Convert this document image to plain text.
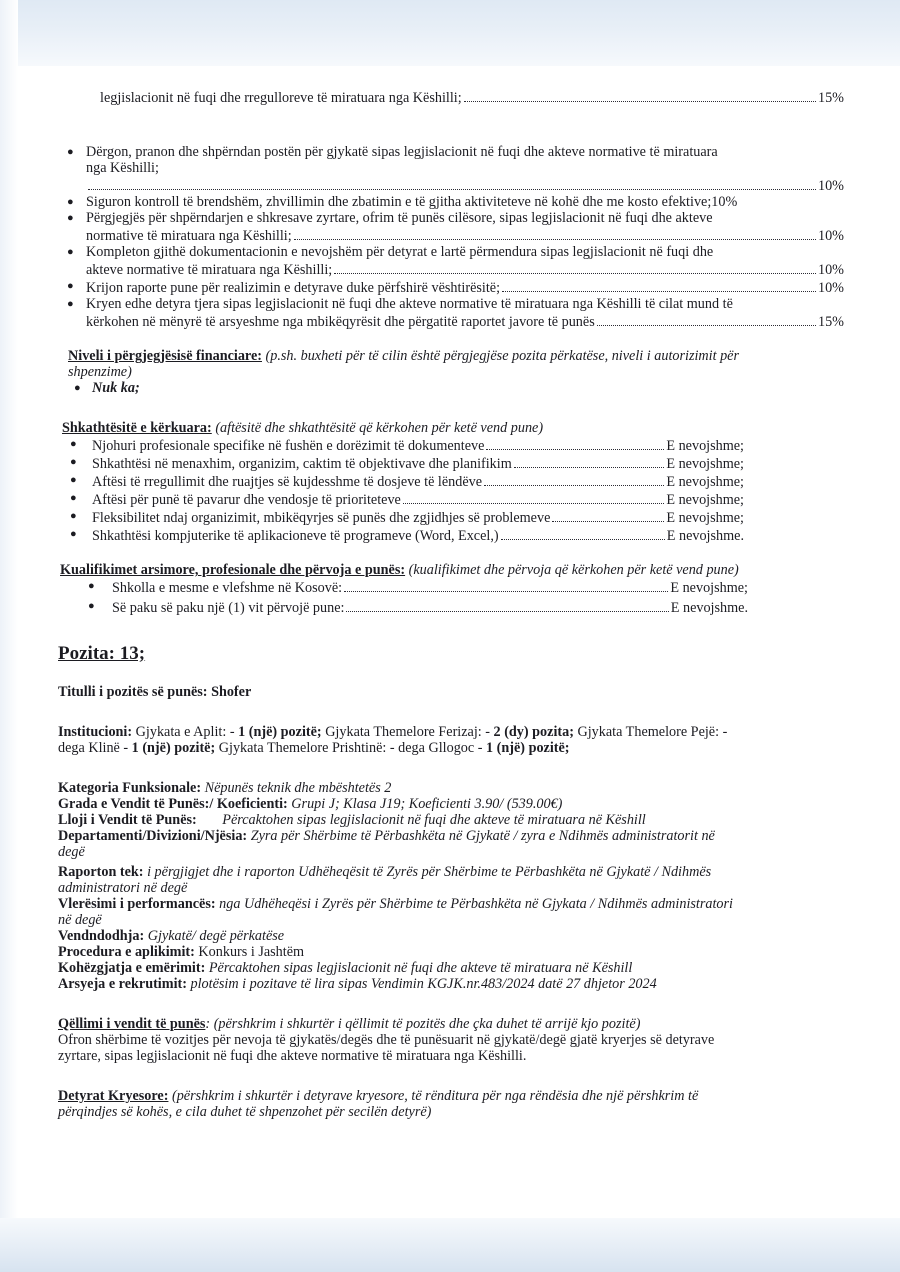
legjislacionit në fuqi dhe rregulloreve të miratuara nga Këshilli;	15%
● Dërgon, pranon dhe shpërndan postën për gjykatë sipas legjislacionit në fuqi dhe akteve normative të miratuara

nga Këshilli;

10%
● Siguron kontroll të brendshëm, zhvillimin dhe zbatimin e të gjitha aktiviteteve në kohë dhe me kosto efektive; 10%
● Përgjegjës për shpërndarjen e shkresave zyrtare, ofrim të punës cilësore, sipas legjislacionit në fuqi dhe akteve

normative të miratuara nga Këshilli;	10%
● Kompleton gjithë dokumentacionin e nevojshëm për detyrat e lartë përmendura sipas legjislacionit në fuqi dhe

akteve normative të miratuara nga Këshilli;	10%
● Krijon raporte pune për realizimin e detyrave duke përfshirë vështirësitë;	10%
● Kryen edhe detyra tjera sipas legjislacionit në fuqi dhe akteve normative të miratuara nga Këshilli të cilat mund të

kërkohen në mënyrë të arsyeshme nga mbikëqyrësit dhe përgatitë raportet javore të punës	15%

Niveli i përgjegjësisë financiare: (p.sh. buxheti për të cilin është përgjegjëse pozita përkatëse, niveli i autorizimit për

shpenzime)

● Nuk ka;

Shkathtësitë e kërkuara: (aftësitë dhe shkathtësitë që kërkohen për ketë vend pune)

● Njohuri profesionale specifike në fushën e dorëzimit të dokumenteve	E nevojshme;
● Shkathtësi në menaxhim, organizim, caktim të objektivave dhe planifikim	E nevojshme;
● Aftësi të rregullimit dhe ruajtjes së kujdesshme të dosjeve të lëndëve	E nevojshme;
● Aftësi për punë të pavarur dhe vendosje të prioriteteve	E nevojshme;
● Fleksibilitet ndaj organizimit, mbikëqyrjes së punës dhe zgjidhjes së problemeve	E nevojshme;
● Shkathtësi kompjuterike të aplikacioneve të programeve (Word, Excel,)	E nevojshme.

Kualifikimet arsimore, profesionale dhe përvoja e punës: (kualifikimet dhe përvoja që kërkohen për ketë vend pune)

● Shkolla e mesme e vlefshme në Kosovë:	E nevojshme;
● Së paku së paku një (1) vit përvojë pune:	E nevojshme.

Pozita: 13;

Titulli i pozitës së punës: Shofer

Institucioni: Gjykata e Aplit: - 1 (një) pozitë; Gjykata Themelore Ferizaj: - 2 (dy) pozita; Gjykata Themelore Pejë: -

dega Klinë - 1 (një) pozitë; Gjykata Themelore Prishtinë: - dega Gllogoc - 1 (një) pozitë;

Kategoria Funksionale: Nëpunës teknik dhe mbështetës 2

Grada e Vendit të Punës:/ Koeficienti: Grupi J; Klasa J19; Koeficienti 3.90/ (539.00€)

Lloji i Vendit të Punës: Përcaktohen sipas legjislacionit në fuqi dhe akteve të miratuara në Këshill

Departamenti/Divizioni/Njësia: Zyra për Shërbime të Përbashkëta në Gjykatë / zyra e Ndihmës administratorit në

degë

Raporton tek: i përgjigjet dhe i raporton Udhëheqësit të Zyrës për Shërbime te Përbashkëta në Gjykatë / Ndihmës

administratori në degë

Vlerësimi i performancës: nga Udhëheqësi i Zyrës për Shërbime te Përbashkëta në Gjykata / Ndihmës administratori

në degë

Vendndodhja: Gjykatë/ degë përkatëse

Procedura e aplikimit: Konkurs i Jashtëm

Kohëzgjatja e emërimit: Përcaktohen sipas legjislacionit në fuqi dhe akteve të miratuara në Këshill

Arsyeja e rekrutimit: plotësim i pozitave të lira sipas Vendimin KGJK.nr.483/2024 datë 27 dhjetor 2024

Qëllimi i vendit të punës: (përshkrim i shkurtër i qëllimit të pozitës dhe çka duhet të arrijë kjo pozitë)

Ofron shërbime të vozitjes për nevoja të gjykatës/degës dhe të punësuarit në gjykatë/degë gjatë kryerjes së detyrave

zyrtare, sipas legjislacionit në fuqi dhe akteve normative të miratuara nga Këshilli.

Detyrat Kryesore: (përshkrim i shkurtër i detyrave kryesore, të rënditura për nga rëndësia dhe një përshkrim të

përqindjes së kohës, e cila duhet të shpenzohet për secilën detyrë)
